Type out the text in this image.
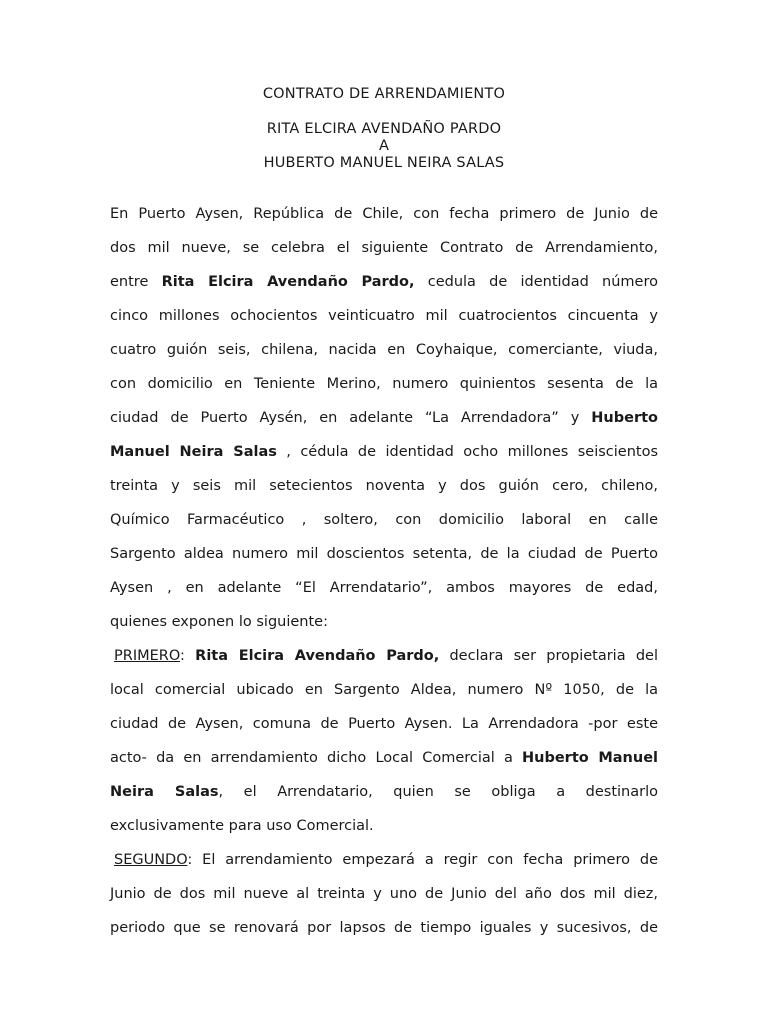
CONTRATO DE ARRENDAMIENTO
RITA ELCIRA AVENDAÑO PARDO
A
HUBERTO MANUEL NEIRA SALAS
En Puerto Aysen, República de Chile, con fecha primero de Junio de
dos mil nueve, se celebra el siguiente Contrato de Arrendamiento,
entre Rita Elcira Avendaño Pardo, cedula de identidad número
cinco millones ochocientos veinticuatro mil cuatrocientos cincuenta y
cuatro guión seis, chilena, nacida en Coyhaique, comerciante, viuda,
con domicilio en Teniente Merino, numero quinientos sesenta de la
ciudad de Puerto Aysén, en adelante “La Arrendadora” y Huberto
Manuel Neira Salas , cédula de identidad ocho millones seiscientos
treinta y seis mil setecientos noventa y dos guión cero, chileno,
Químico Farmacéutico , soltero, con domicilio laboral en calle
Sargento aldea numero mil doscientos setenta, de la ciudad de Puerto
Aysen , en adelante “El Arrendatario”, ambos mayores de edad,
quienes exponen lo siguiente:
PRIMERO: Rita Elcira Avendaño Pardo, declara ser propietaria del
local comercial ubicado en Sargento Aldea, numero Nº 1050, de la
ciudad de Aysen, comuna de Puerto Aysen. La Arrendadora -por este
acto- da en arrendamiento dicho Local Comercial a Huberto Manuel
Neira Salas, el Arrendatario, quien se obliga a destinarlo
exclusivamente para uso Comercial.
SEGUNDO: El arrendamiento empezará a regir con fecha primero de
Junio de dos mil nueve al treinta y uno de Junio del año dos mil diez,
periodo que se renovará por lapsos de tiempo iguales y sucesivos, de
